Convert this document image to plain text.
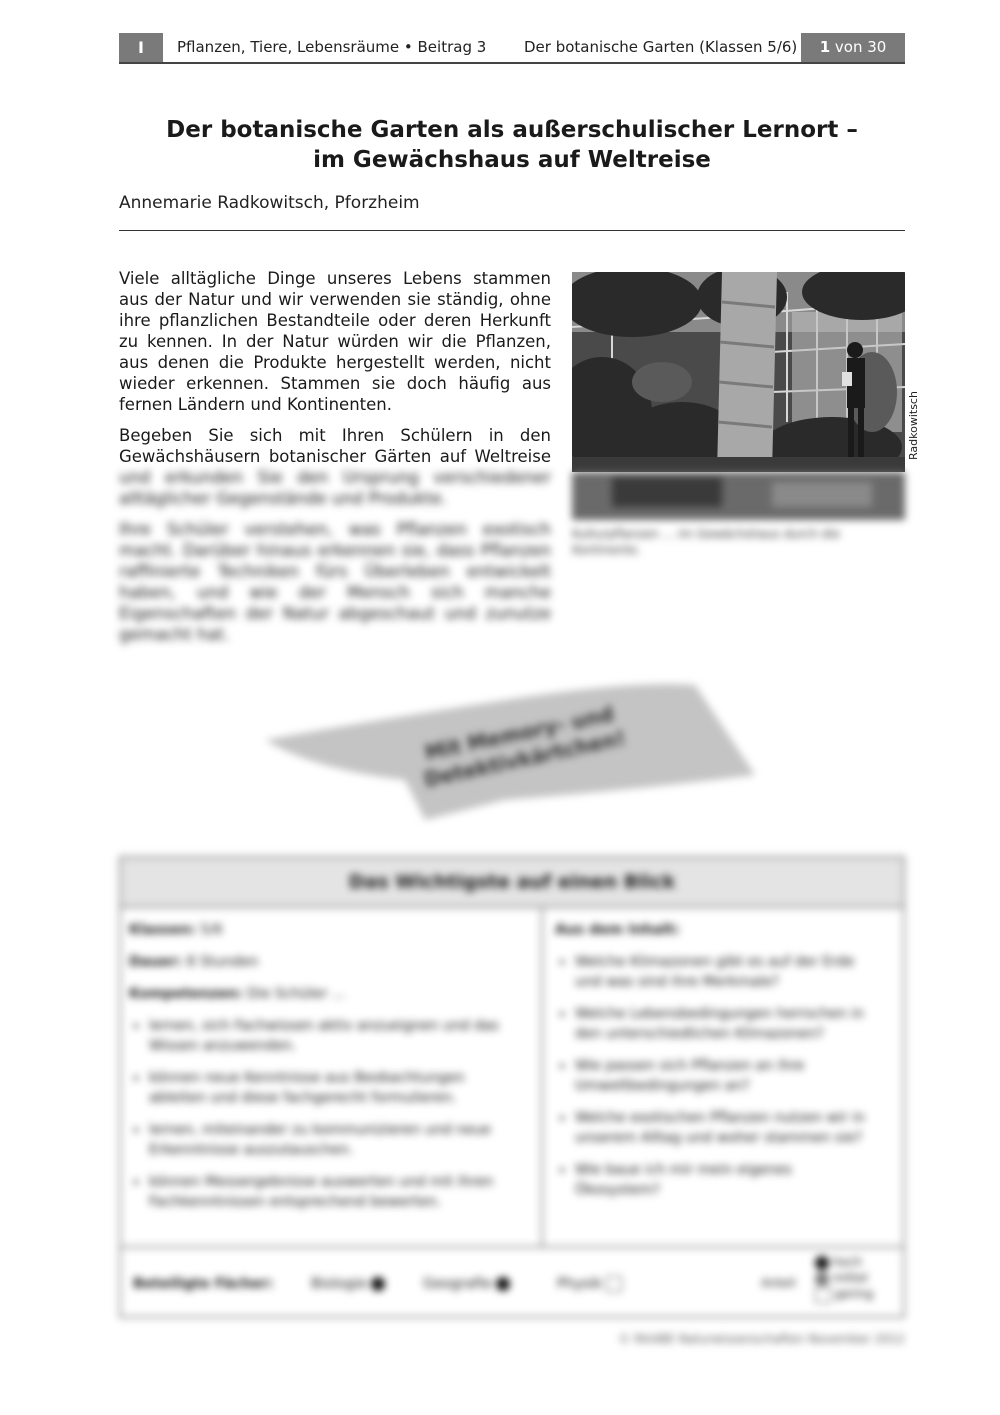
I	Pflanzen, Tiere, Lebensräume • Beitrag 3	Der botanische Garten (Klassen 5/6)	1 von 30
Der botanische Garten als außerschulischer Lernort –
im Gewächshaus auf Weltreise
Annemarie Radkowitsch, Pforzheim

Viele alltägliche Dinge unseres Lebens stammen aus der Natur und wir verwenden sie ständig, ohne ihre pflanzlichen Bestandteile oder deren Herkunft zu kennen. In der Natur würden wir die Pflanzen, aus denen die Produkte hergestellt werden, nicht wieder erkennen. Stammen sie doch häufig aus fernen Ländern und Kontinenten.

Begeben Sie sich mit Ihren Schülern in den Gewächshäusern botanischer Gärten auf Weltreise und erkunden Sie den Ursprung verschiedener alltäglicher Gegenstände und Produkte.

Ihre Schüler verstehen, was Pflanzen exotisch macht. Darüber hinaus erkennen sie, dass Pflanzen raffinierte Techniken fürs Überleben entwickelt haben, und wie der Mensch sich manche Eigenschaften der Natur abgeschaut und zunutze gemacht hat.

Radkowitsch
Kulturpflanzen ... im Gewächshaus durch die Kontinente.
Mit Memory- und Detektivkärtchen!
Das Wichtigste auf einen Blick

Klassen: 5/6

Dauer: 8 Stunden

Kompetenzen: Die Schüler ...

• lernen, sich Fachwissen aktiv anzueignen und das Wissen anzuwenden.
• können neue Kenntnisse aus Beobachtungen ableiten und diese fachgerecht formulieren.
• lernen, miteinander zu kommunizieren und neue Erkenntnisse auszutauschen.
• können Messergebnisse auswerten und mit ihren Fachkenntnissen entsprechend bewerten.

Aus dem Inhalt:

• Welche Klimazonen gibt es auf der Erde und was sind ihre Merkmale?
• Welche Lebensbedingungen herrschen in den unterschiedlichen Klimazonen?
• Wie passen sich Pflanzen an ihre Umweltbedingungen an?
• Welche exotischen Pflanzen nutzen wir in unserem Alltag und woher stammen sie?
• Wie baue ich mir mein eigenes Ökosystem?
Beteiligte Fächer:	Biologie	Geografie	Physik	Anteil
hoch
mittel
gering
© RAABE Naturwissenschaften November 2012
